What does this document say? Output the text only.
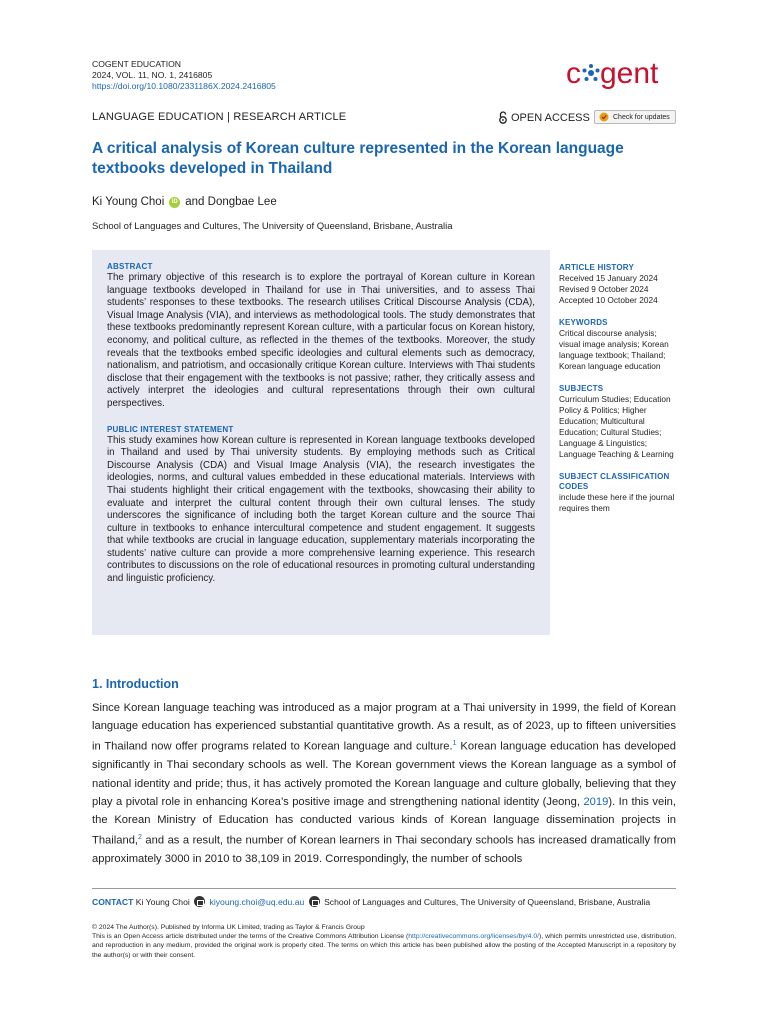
COGENT EDUCATION
2024, VOL. 11, NO. 1, 2416805
https://doi.org/10.1080/2331186X.2024.2416805	c gent
LANGUAGE EDUCATION | RESEARCH ARTICLE	OPEN ACCESS	Check for updates
A critical analysis of Korean culture represented in the Korean language textbooks developed in Thailand
Ki Young Choi	iD and Dongbae Lee
School of Languages and Cultures, The University of Queensland, Brisbane, Australia
ABSTRACT

The primary objective of this research is to explore the portrayal of Korean culture in Korean language textbooks developed in Thailand for use in Thai universities, and to assess Thai students’ responses to these textbooks. The research utilises Critical Discourse Analysis (CDA), Visual Image Analysis (VIA), and interviews as methodological tools. The study demonstrates that these textbooks predominantly represent Korean culture, with a particular focus on Korean history, economy, and political culture, as reflected in the themes of the textbooks. Moreover, the study reveals that the textbooks embed specific ideologies and cultural elements such as democracy, nationalism, and patriotism, and occasionally critique Korean culture. Interviews with Thai students disclose that their engagement with the textbooks is not passive; rather, they critically assess and actively interpret the ideologies and cultural representations through their own cultural perspectives.

PUBLIC INTEREST STATEMENT

This study examines how Korean culture is represented in Korean language textbooks developed in Thailand and used by Thai university students. By employing methods such as Critical Discourse Analysis (CDA) and Visual Image Analysis (VIA), the research investigates the ideologies, norms, and cultural values embedded in these educational materials. Interviews with Thai students highlight their critical engagement with the textbooks, showcasing their ability to evaluate and interpret the cultural content through their own cultural lenses. The study underscores the significance of including both the target Korean culture and the source Thai culture in textbooks to enhance intercultural competence and student engagement. It suggests that while textbooks are crucial in language education, supplementary materials incorporating the students’ native culture can provide a more comprehensive learning experience. This research contributes to discussions on the role of educational resources in promoting cultural understanding and linguistic proficiency.

ARTICLE HISTORY
Received 15 January 2024
Revised 9 October 2024
Accepted 10 October 2024
KEYWORDS
Critical discourse analysis; visual image analysis; Korean language textbook; Thailand; Korean language education
SUBJECTS
Curriculum Studies; Education Policy & Politics; Higher Education; Multicultural Education; Cultural Studies; Language & Linguistics; Language Teaching & Learning
SUBJECT CLASSIFICATION CODES
include these here if the journal requires them
1. Introduction
Since Korean language teaching was introduced as a major program at a Thai university in 1999, the field of Korean language education has experienced substantial quantitative growth. As a result, as of 2023, up to fifteen universities in Thailand now offer programs related to Korean language and culture.$^1$ Korean language education has developed significantly in Thai secondary schools as well. The Korean government views the Korean language as a symbol of national identity and pride; thus, it has actively promoted the Korean language and culture globally, believing that they play a pivotal role in enhancing Korea’s positive image and strengthening national identity (Jeong, 2019). In this vein, the Korean Ministry of Education has conducted various kinds of Korean language dissemination projects in Thailand,$^2$ and as a result, the number of Korean learners in Thai secondary schools has increased dramatically from approximately 3000 in 2010 to 38,109 in 2019. Correspondingly, the number of schools
CONTACT Ki Young Choi kiyoung.choi@uq.edu.au School of Languages and Cultures, The University of Queensland, Brisbane, Australia
© 2024 The Author(s). Published by Informa UK Limited, trading as Taylor & Francis Group
This is an Open Access article distributed under the terms of the Creative Commons Attribution License (http://creativecommons.org/licenses/by/4.0/), which permits unrestricted use, distribution, and reproduction in any medium, provided the original work is properly cited. The terms on which this article has been published allow the posting of the Accepted Manuscript in a repository by the author(s) or with their consent.
